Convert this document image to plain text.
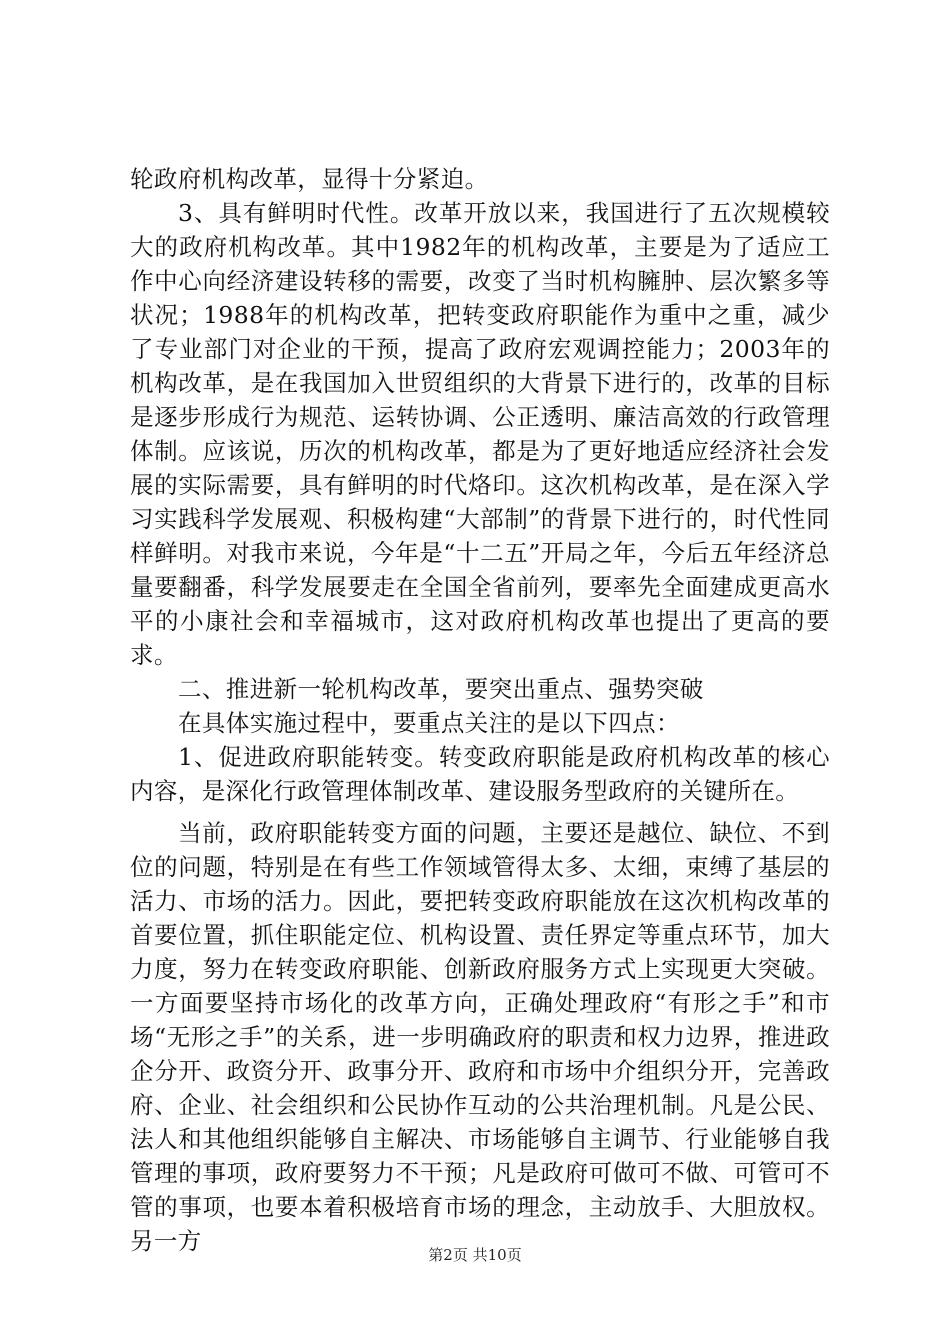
轮政府机构改革，显得十分紧迫。

3、具有鲜明时代性。改革开放以来，我国进行了五次规模较大的政府机构改革。其中1982年的机构改革，主要是为了适应工作中心向经济建设转移的需要，改变了当时机构臃肿、层次繁多等状况；1988年的机构改革，把转变政府职能作为重中之重，减少了专业部门对企业的干预，提高了政府宏观调控能力；2003年的机构改革，是在我国加入世贸组织的大背景下进行的，改革的目标是逐步形成行为规范、运转协调、公正透明、廉洁高效的行政管理体制。应该说，历次的机构改革，都是为了更好地适应经济社会发展的实际需要，具有鲜明的时代烙印。这次机构改革，是在深入学习实践科学发展观、积极构建“大部制”的背景下进行的，时代性同样鲜明。对我市来说，今年是“十二五”开局之年，今后五年经济总量要翻番，科学发展要走在全国全省前列，要率先全面建成更高水平的小康社会和幸福城市，这对政府机构改革也提出了更高的要求。

二、推进新一轮机构改革，要突出重点、强势突破

在具体实施过程中，要重点关注的是以下四点：

1、促进政府职能转变。转变政府职能是政府机构改革的核心内容，是深化行政管理体制改革、建设服务型政府的关键所在。

当前，政府职能转变方面的问题，主要还是越位、缺位、不到位的问题，特别是在有些工作领域管得太多、太细，束缚了基层的活力、市场的活力。因此，要把转变政府职能放在这次机构改革的首要位置，抓住职能定位、机构设置、责任界定等重点环节，加大力度，努力在转变政府职能、创新政府服务方式上实现更大突破。一方面要坚持市场化的改革方向，正确处理政府“有形之手”和市场“无形之手”的关系，进一步明确政府的职责和权力边界，推进政企分开、政资分开、政事分开、政府和市场中介组织分开，完善政府、企业、社会组织和公民协作互动的公共治理机制。凡是公民、法人和其他组织能够自主解决、市场能够自主调节、行业能够自我管理的事项，政府要努力不干预；凡是政府可做可不做、可管可不管的事项，也要本着积极培育市场的理念，主动放手、大胆放权。另一方	第2页 共10页
